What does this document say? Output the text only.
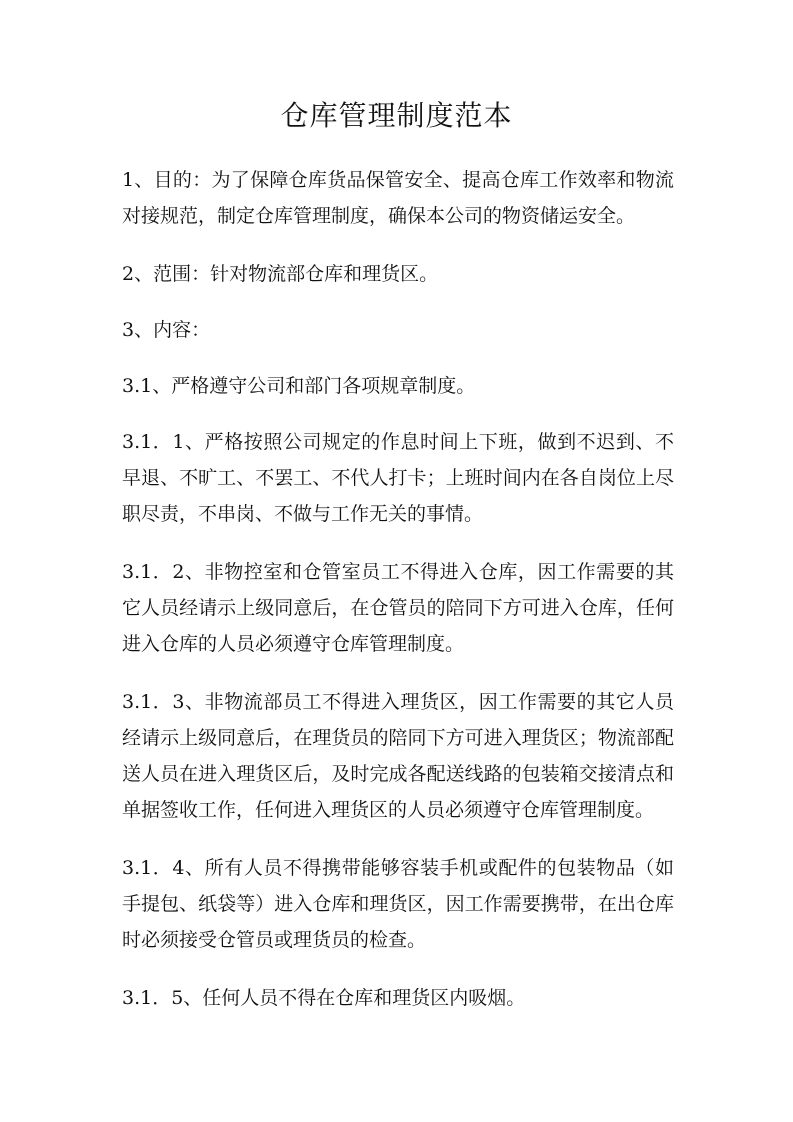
仓库管理制度范本

1、目的：为了保障仓库货品保管安全、提高仓库工作效率和物流对接规范，制定仓库管理制度，确保本公司的物资储运安全。

2、范围：针对物流部仓库和理货区。

3、内容：

3.1、严格遵守公司和部门各项规章制度。

3.1．1、严格按照公司规定的作息时间上下班，做到不迟到、不早退、不旷工、不罢工、不代人打卡；上班时间内在各自岗位上尽职尽责，不串岗、不做与工作无关的事情。

3.1．2、非物控室和仓管室员工不得进入仓库，因工作需要的其它人员经请示上级同意后，在仓管员的陪同下方可进入仓库，任何进入仓库的人员必须遵守仓库管理制度。

3.1．3、非物流部员工不得进入理货区，因工作需要的其它人员经请示上级同意后，在理货员的陪同下方可进入理货区；物流部配送人员在进入理货区后，及时完成各配送线路的包装箱交接清点和单据签收工作，任何进入理货区的人员必须遵守仓库管理制度。

3.1．4、所有人员不得携带能够容装手机或配件的包装物品（如手提包、纸袋等）进入仓库和理货区，因工作需要携带，在出仓库时必须接受仓管员或理货员的检查。

3.1．5、任何人员不得在仓库和理货区内吸烟。
